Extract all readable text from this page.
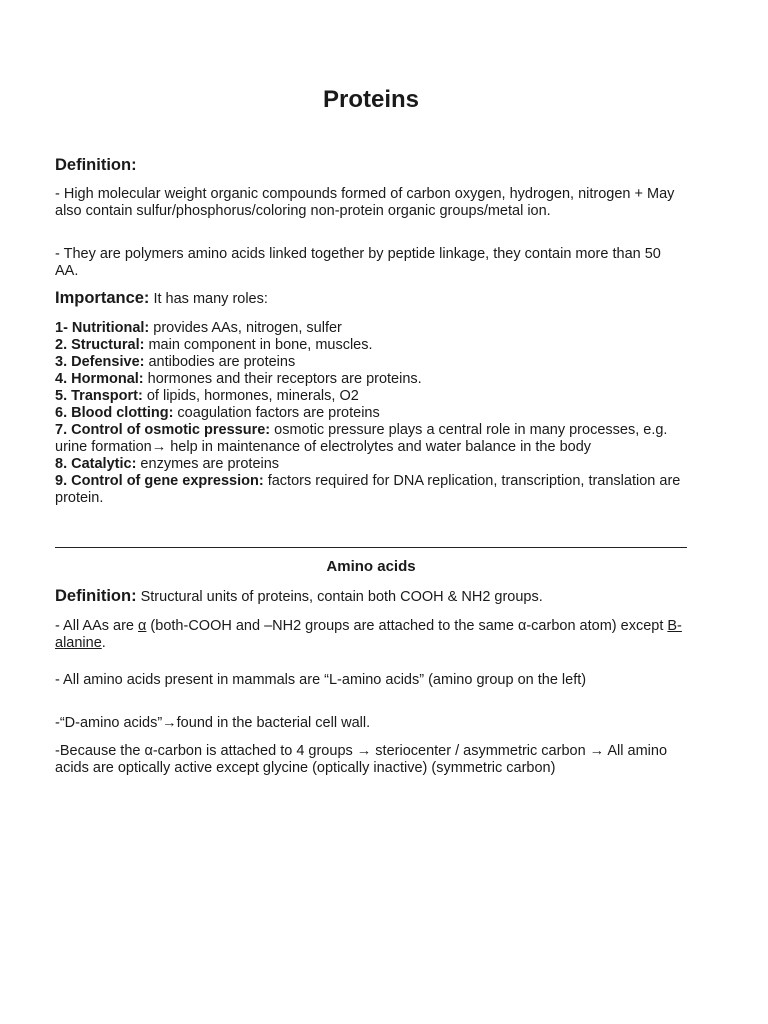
Proteins
Definition:

- High molecular weight organic compounds formed of carbon oxygen, hydrogen, nitrogen + May also contain sulfur/phosphorus/coloring non-protein organic groups/metal ion.

- They are polymers amino acids linked together by peptide linkage, they contain more than 50 AA.

Importance: It has many roles:

1- Nutritional: provides AAs, nitrogen, sulfer

2. Structural: main component in bone, muscles.

3. Defensive: antibodies are proteins

4. Hormonal: hormones and their receptors are proteins.

5. Transport: of lipids, hormones, minerals, O2

6. Blood clotting: coagulation factors are proteins

7. Control of osmotic pressure: osmotic pressure plays a central role in many processes, e.g. urine formation→ help in maintenance of electrolytes and water balance in the body

8. Catalytic: enzymes are proteins

9. Control of gene expression: factors required for DNA replication, transcription, translation are protein.

Amino acids
Definition: Structural units of proteins, contain both COOH & NH2 groups.

- All AAs are α (both-COOH and –NH2 groups are attached to the same α-carbon atom) except B-alanine.

- All amino acids present in mammals are “L-amino acids” (amino group on the left)

-“D-amino acids”→found in the bacterial cell wall.

-Because the α-carbon is attached to 4 groups → steriocenter / asymmetric carbon → All amino acids are optically active except glycine (optically inactive) (symmetric carbon)
